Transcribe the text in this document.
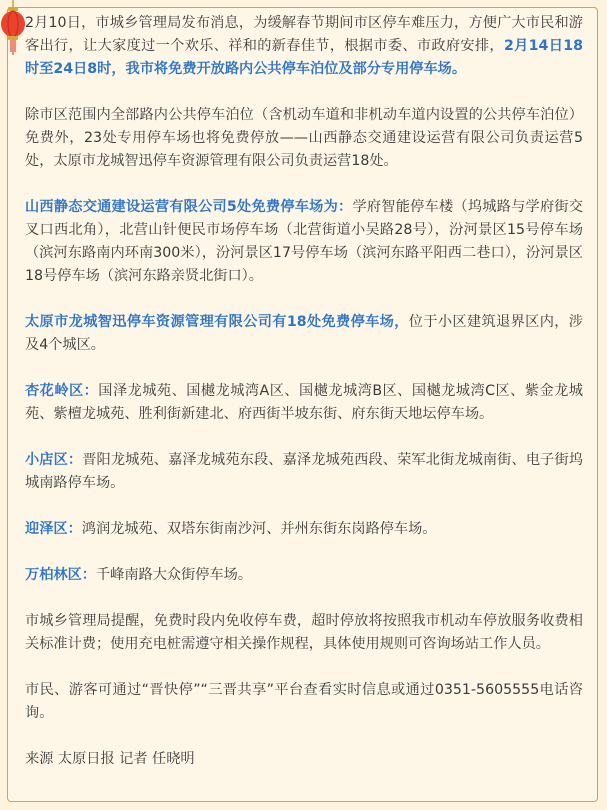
2月10日，市城乡管理局发布消息，为缓解春节期间市区停车难压力，方便广大市民和游客出行，让大家度过一个欢乐、祥和的新春佳节，根据市委、市政府安排，2月14日18时至24日8时，我市将免费开放路内公共停车泊位及部分专用停车场。

除市区范围内全部路内公共停车泊位（含机动车道和非机动车道内设置的公共停车泊位）免费外，23处专用停车场也将免费停放——山西静态交通建设运营有限公司负责运营5处，太原市龙城智迅停车资源管理有限公司负责运营18处。

山西静态交通建设运营有限公司5处免费停车场为：学府智能停车楼（坞城路与学府街交叉口西北角），北营山针便民市场停车场（北营街道小吴路28号），汾河景区15号停车场（滨河东路南内环南300米），汾河景区17号停车场（滨河东路平阳西二巷口），汾河景区18号停车场（滨河东路亲贤北街口）。

太原市龙城智迅停车资源管理有限公司有18处免费停车场，位于小区建筑退界区内，涉及4个城区。

杏花岭区：国泽龙城苑、国樾龙城湾A区、国樾龙城湾B区、国樾龙城湾C区、紫金龙城苑、紫檀龙城苑、胜利街新建北、府西街半坡东街、府东街天地坛停车场。

小店区：晋阳龙城苑、嘉泽龙城苑东段、嘉泽龙城苑西段、荣军北街龙城南街、电子街坞城南路停车场。

迎泽区：鸿润龙城苑、双塔东街南沙河、并州东街东岗路停车场。

万柏林区：千峰南路大众街停车场。

市城乡管理局提醒，免费时段内免收停车费，超时停放将按照我市机动车停放服务收费相关标准计费；使用充电桩需遵守相关操作规程，具体使用规则可咨询场站工作人员。

市民、游客可通过“晋快停”“三晋共享”平台查看实时信息或通过0351-5605555电话咨询。

来源 太原日报 记者 任晓明
